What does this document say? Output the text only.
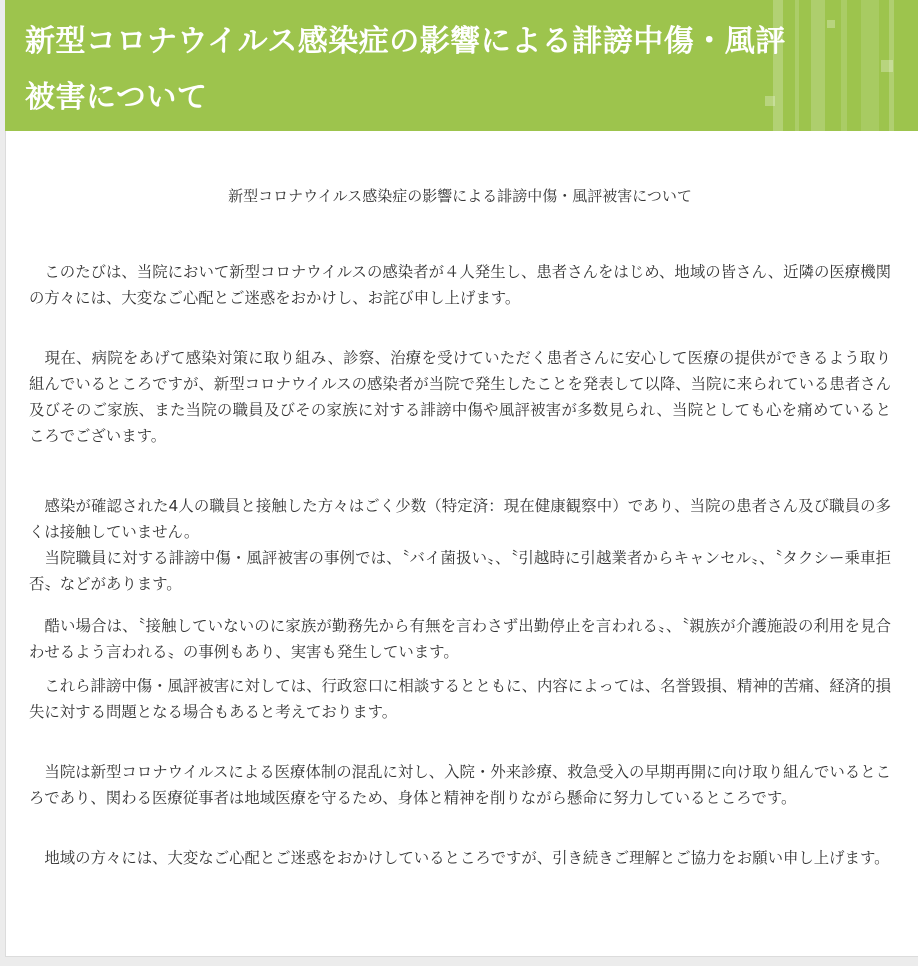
新型コロナウイルス感染症の影響による誹謗中傷・風評
被害について
新型コロナウイルス感染症の影響による誹謗中傷・風評被害について

　このたびは、当院において新型コロナウイルスの感染者が４人発生し、患者さんをはじめ、地域の皆さん、近隣の医療機関の方々には、大変なご心配とご迷惑をおかけし、お詫び申し上げます。

　現在、病院をあげて感染対策に取り組み、診察、治療を受けていただく患者さんに安心して医療の提供ができるよう取り組んでいるところですが、新型コロナウイルスの感染者が当院で発生したことを発表して以降、当院に来られている患者さん及びそのご家族、また当院の職員及びその家族に対する誹謗中傷や風評被害が多数見られ、当院としても心を痛めているところでございます。

　感染が確認された4人の職員と接触した方々はごく少数（特定済：現在健康観察中）であり、当院の患者さん及び職員の多くは接触していません。

　当院職員に対する誹謗中傷・風評被害の事例では、〝バイ菌扱い〟、〝引越時に引越業者からキャンセル〟、〝タクシー乗車拒否〟などがあります。

　酷い場合は、〝接触していないのに家族が勤務先から有無を言わさず出勤停止を言われる〟、〝親族が介護施設の利用を見合わせるよう言われる〟の事例もあり、実害も発生しています。

　これら誹謗中傷・風評被害に対しては、行政窓口に相談するとともに、内容によっては、名誉毀損、精神的苦痛、経済的損失に対する問題となる場合もあると考えております。

　当院は新型コロナウイルスによる医療体制の混乱に対し、入院・外来診療、救急受入の早期再開に向け取り組んでいるところであり、関わる医療従事者は地域医療を守るため、身体と精神を削りながら懸命に努力しているところです。

　地域の方々には、大変なご心配とご迷惑をおかけしているところですが、引き続きご理解とご協力をお願い申し上げます。
